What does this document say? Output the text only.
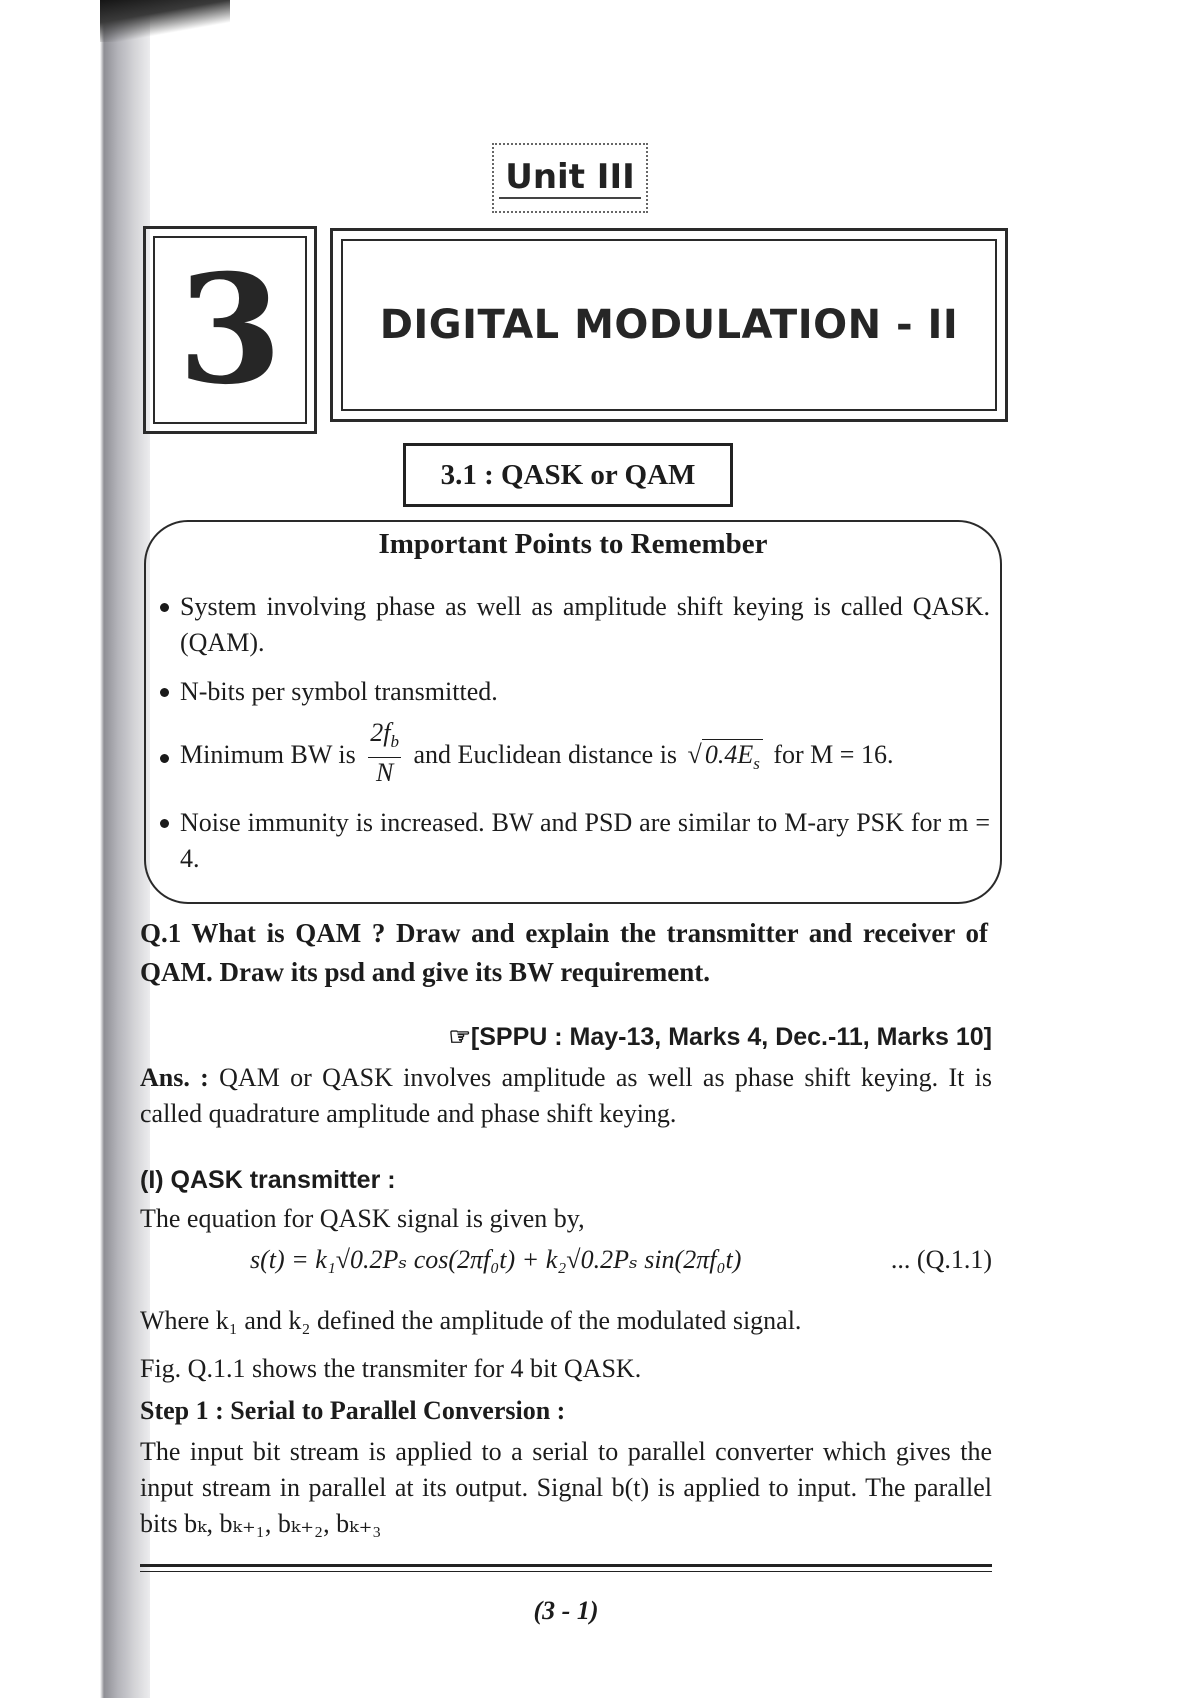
Unit III
3 DIGITAL MODULATION - II
3.1 : QASK or QAM
Important Points to Remember
System involving phase as well as amplitude shift keying is called QASK. (QAM).
N-bits per symbol transmitted.
Minimum BW is $\frac{2f_b}{N}$ and Euclidean distance is √ $0.4E_s$ for M = 16.
Noise immunity is increased. BW and PSD are similar to M-ary PSK for m = 4.
Q.1 What is QAM ? Draw and explain the transmitter and receiver of QAM. Draw its psd and give its BW requirement.
☞[SPPU : May-13, Marks 4, Dec.-11, Marks 10]
Ans. : QAM or QASK involves amplitude as well as phase shift keying. It is called quadrature amplitude and phase shift keying.
(I) QASK transmitter :
The equation for QASK signal is given by,
s(t) = k₁√0.2Pₛ cos(2πf₀t) + k₂√0.2Pₛ sin(2πf₀t)	... (Q.1.1)
Where k₁ and k₂ defined the amplitude of the modulated signal.
Fig. Q.1.1 shows the transmiter for 4 bit QASK.
Step 1 : Serial to Parallel Conversion :
The input bit stream is applied to a serial to parallel converter which gives the input stream in parallel at its output. Signal b(t) is applied to input. The parallel bits bₖ, bₖ₊₁, bₖ₊₂, bₖ₊₃
(3 - 1)
